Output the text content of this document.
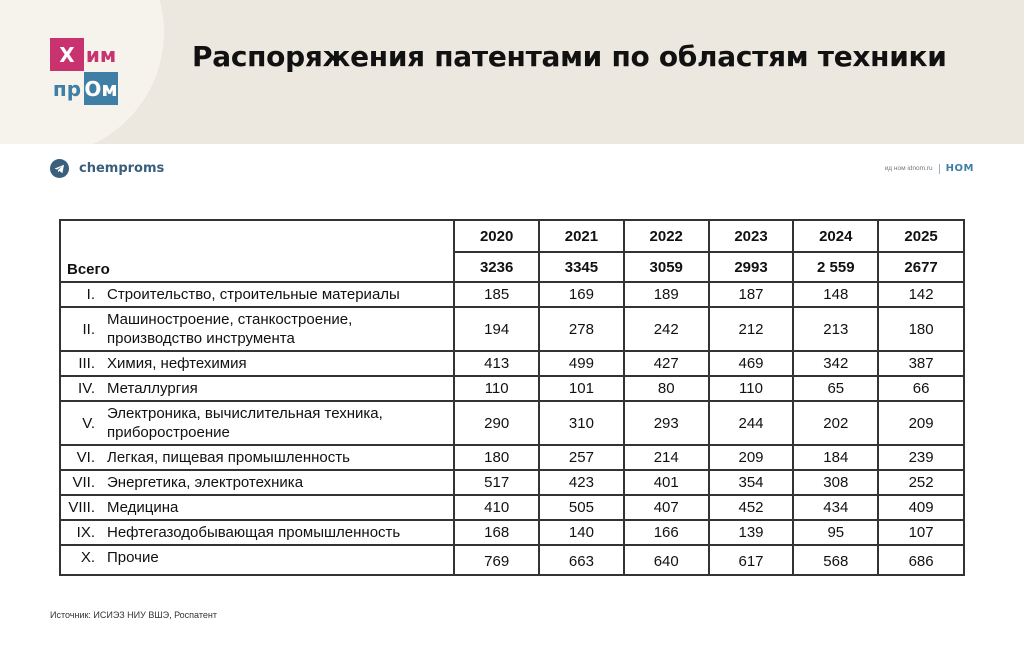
Х им
пр Ом
Распоряжения патентами по областям техники
chemproms	ид ном idnom.ru НОМ
Всего	2020	2021	2022	2023	2024	2025
	3236	3345	3059	2993	2 559	2677

I. Строительство, строительные материалы	185	169	189	187	148	142

II.
Машиностроение, станкостроение, производство инструмента	194	278	242	212	213	180

III. Химия, нефтехимия	413	499	427	469	342	387

IV. Металлургия	110	101	80	110	65	66

V.
Электроника, вычислительная техника, приборостроение	290	310	293	244	202	209

VI. Легкая, пищевая промышленность	180	257	214	209	184	239

VII. Энергетика, электротехника	517	423	401	354	308	252

VIII. Медицина	410	505	407	452	434	409

IX. Нефтегазодобывающая промышленность	168	140	166	139	95	107

X. Прочие	769	663	640	617	568	686
Источник: ИСИЭЗ НИУ ВШЭ, Роспатент
